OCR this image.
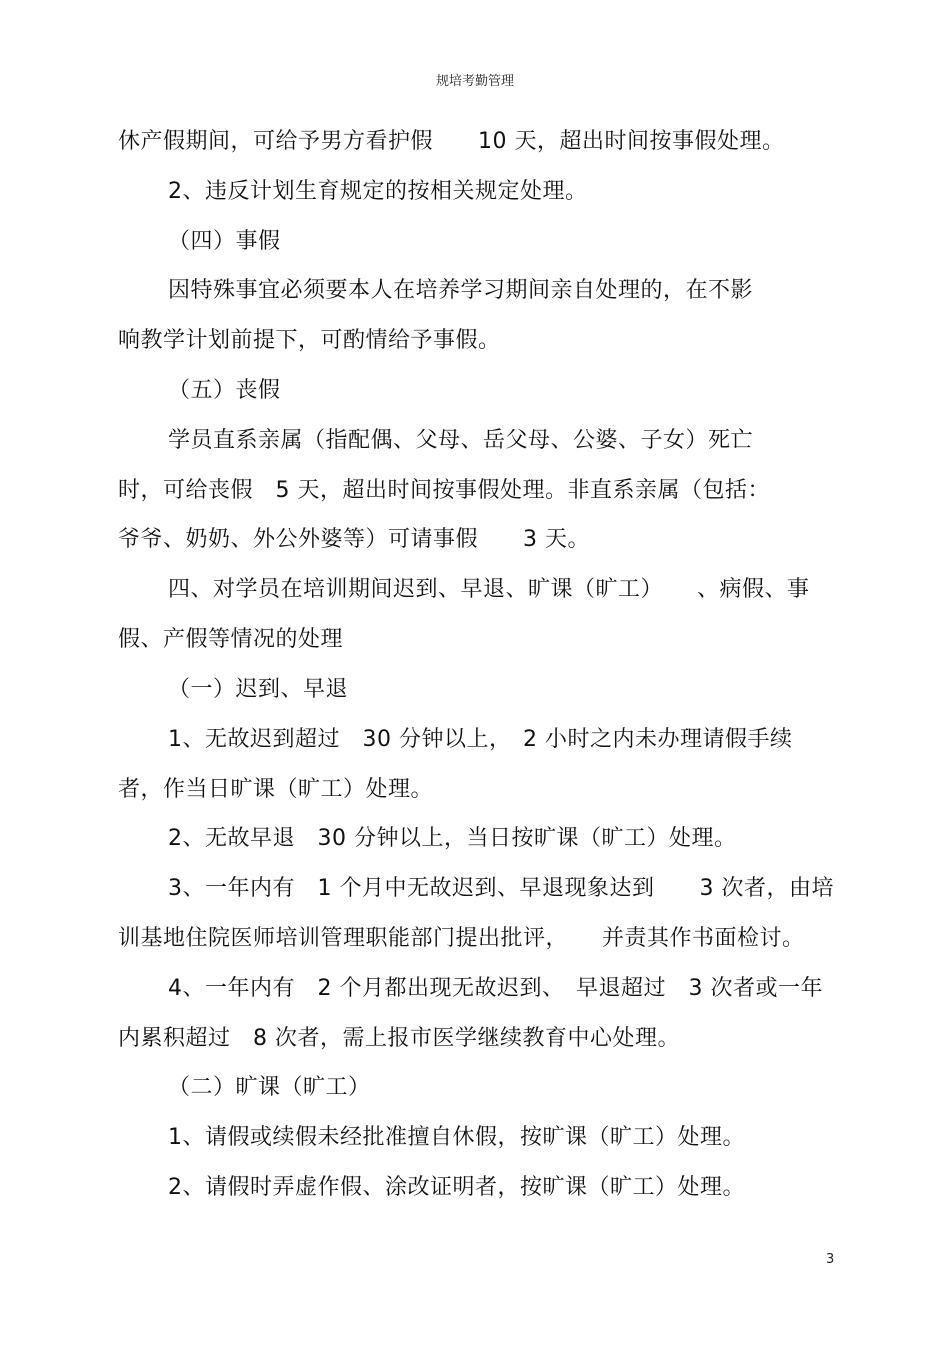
规培考勤管理
休产假期间，可给予男方看护假　　10 天，超出时间按事假处理。
2、违反计划生育规定的按相关规定处理。
（四）事假
因特殊事宜必须要本人在培养学习期间亲自处理的，在不影
响教学计划前提下，可酌情给予事假。
（五）丧假
学员直系亲属（指配偶、父母、岳父母、公婆、子女）死亡
时，可给丧假　5 天，超出时间按事假处理。非直系亲属（包括：
爷爷、奶奶、外公外婆等）可请事假　　3 天。
四、对学员在培训期间迟到、早退、旷课（旷工）　　、病假、事
假、产假等情况的处理
（一）迟到、早退
1、无故迟到超过　30 分钟以上，　2 小时之内未办理请假手续
者，作当日旷课（旷工）处理。
2、无故早退　30 分钟以上，当日按旷课（旷工）处理。
3、一年内有　1 个月中无故迟到、早退现象达到　　3 次者，由培
训基地住院医师培训管理职能部门提出批评，　　并责其作书面检讨。
4、一年内有　2 个月都出现无故迟到、　早退超过　3 次者或一年
内累积超过　8 次者，需上报市医学继续教育中心处理。
（二）旷课（旷工）
1、请假或续假未经批准擅自休假，按旷课（旷工）处理。
2、请假时弄虚作假、涂改证明者，按旷课（旷工）处理。
3
